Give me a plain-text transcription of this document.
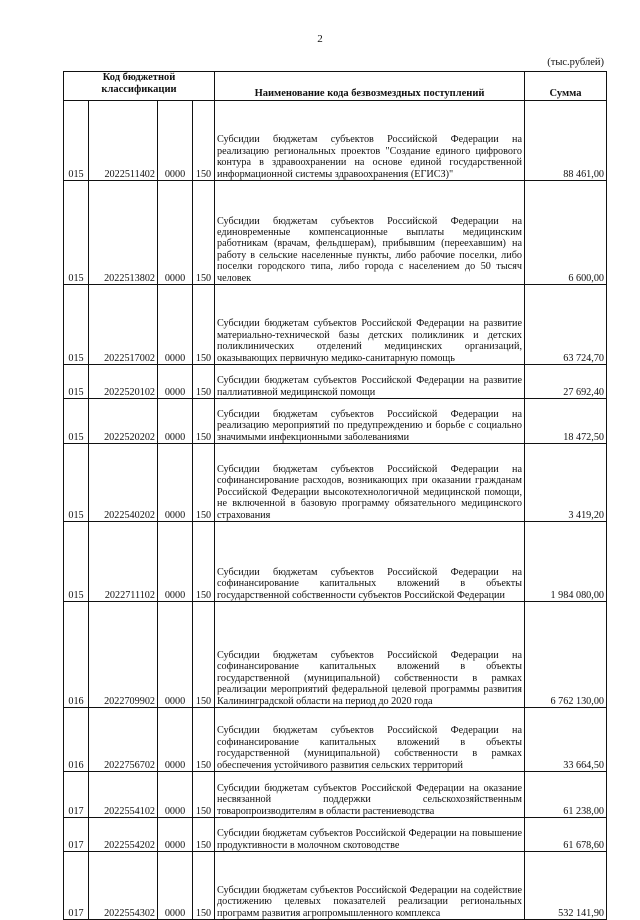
2
(тыс.рублей)
Код бюджетной классификации				Наименование кода безвозмездных поступлений	Сумма
015	2022511402	0000	150	Субсидии бюджетам субъектов Российской Федерации на реализацию региональных проектов "Создание единого цифрового контура в здравоохранении на основе единой государственной информационной системы здравоохранения (ЕГИСЗ)"	88 461,00
015	2022513802	0000	150	Субсидии бюджетам субъектов Российской Федерации на единовременные компенсационные выплаты медицинским работникам (врачам, фельдшерам), прибывшим (переехавшим) на работу в сельские населенные пункты, либо рабочие поселки, либо поселки городского типа, либо города с населением до 50 тысяч человек	6 600,00
015	2022517002	0000	150	Субсидии бюджетам субъектов Российской Федерации на развитие материально-технической базы детских поликлиник и детских поликлинических отделений медицинских организаций, оказывающих первичную медико-санитарную помощь	63 724,70
015	2022520102	0000	150	Субсидии бюджетам субъектов Российской Федерации на развитие паллиативной медицинской помощи	27 692,40
015	2022520202	0000	150	Субсидии бюджетам субъектов Российской Федерации на реализацию мероприятий по предупреждению и борьбе с социально значимыми инфекционными заболеваниями	18 472,50
015	2022540202	0000	150	Субсидии бюджетам субъектов Российской Федерации на софинансирование расходов, возникающих при оказании гражданам Российской Федерации высокотехнологичной медицинской помощи, не включенной в базовую программу обязательного медицинского страхования	3 419,20
015	2022711102	0000	150	Субсидии бюджетам субъектов Российской Федерации на софинансирование капитальных вложений в объекты государственной собственности субъектов Российской Федерации	1 984 080,00
016	2022709902	0000	150	Субсидии бюджетам субъектов Российской Федерации на софинансирование капитальных вложений в объекты государственной (муниципальной) собственности в рамках реализации мероприятий федеральной целевой программы развития Калининградской области на период до 2020 года	6 762 130,00
016	2022756702	0000	150	Субсидии бюджетам субъектов Российской Федерации на софинансирование капитальных вложений в объекты государственной (муниципальной) собственности в рамках обеспечения устойчивого развития сельских территорий	33 664,50
017	2022554102	0000	150	Субсидии бюджетам субъектов Российской Федерации на оказание несвязанной поддержки сельскохозяйственным товаропроизводителям в области растениеводства	61 238,00
017	2022554202	0000	150	Субсидии бюджетам субъектов Российской Федерации на повышение продуктивности в молочном скотоводстве	61 678,60
017	2022554302	0000	150	Субсидии бюджетам субъектов Российской Федерации на содействие достижению целевых показателей реализации региональных программ развития агропромышленного комплекса	532 141,90
